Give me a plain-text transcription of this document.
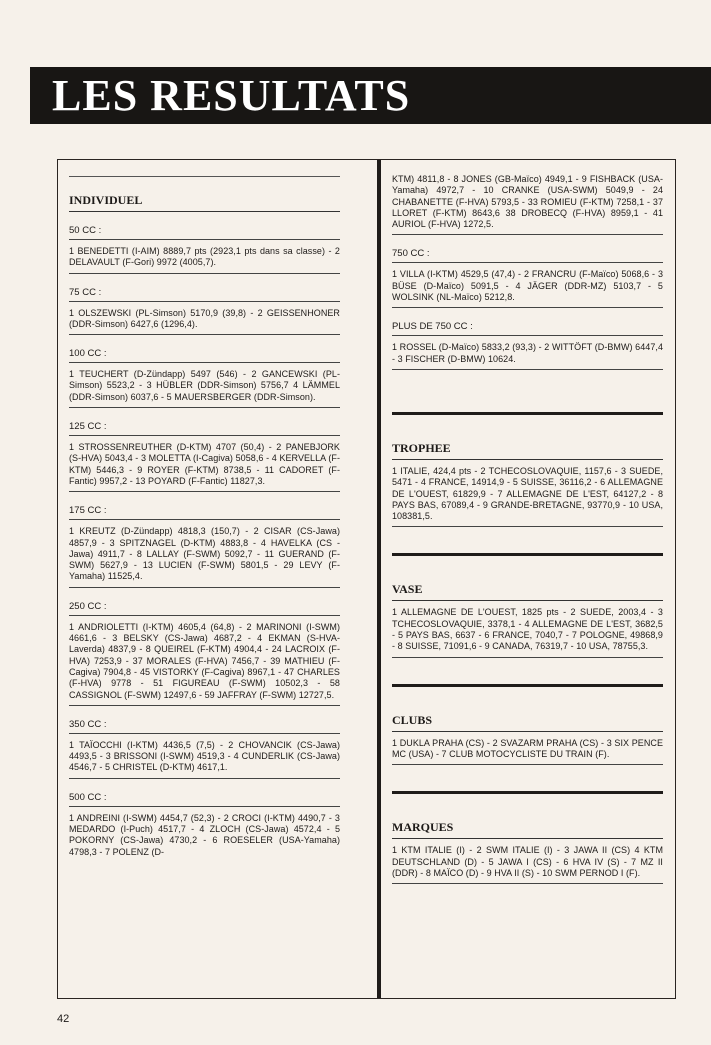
LES RESULTATS
INDIVIDUEL
50 CC :
1 BENEDETTI (I-AIM) 8889,7 pts (2923,1 pts dans sa classe) - 2 DELAVAULT (F-Gori) 9972 (4005,7).
75 CC :
1 OLSZEWSKI (PL-Simson) 5170,9 (39,8) - 2 GEISSENHONER (DDR-Simson) 6427,6 (1296,4).
100 CC :
1 TEUCHERT (D-Zündapp) 5497 (546) - 2 GANCEWSKI (PL-Simson) 5523,2 - 3 HÜBLER (DDR-Simson) 5756,7 4 LÄMMEL (DDR-Simson) 6037,6 - 5 MAUERSBERGER (DDR-Simson).
125 CC :
1 STROSSENREUTHER (D-KTM) 4707 (50,4) - 2 PANEBJORK (S-HVA) 5043,4 - 3 MOLETTA (I-Cagiva) 5058,6 - 4 KERVELLA (F-KTM) 5446,3 - 9 ROYER (F-KTM) 8738,5 - 11 CADORET (F-Fantic) 9957,2 - 13 POYARD (F-Fantic) 11827,3.
175 CC :
1 KREUTZ (D-Zündapp) 4818,3 (150,7) - 2 CISAR (CS-Jawa) 4857,9 - 3 SPITZNAGEL (D-KTM) 4883,8 - 4 HAVELKA (CS - Jawa) 4911,7 - 8 LALLAY (F-SWM) 5092,7 - 11 GUERAND (F-SWM) 5627,9 - 13 LUCIEN (F-SWM) 5801,5 - 29 LEVY (F-Yamaha) 11525,4.
250 CC :
1 ANDRIOLETTI (I-KTM) 4605,4 (64,8) - 2 MARINONI (I-SWM) 4661,6 - 3 BELSKY (CS-Jawa) 4687,2 - 4 EKMAN (S-HVA-Laverda) 4837,9 - 8 QUEIREL (F-KTM) 4904,4 - 24 LACROIX (F-HVA) 7253,9 - 37 MORALES (F-HVA) 7456,7 - 39 MATHIEU (F-Cagiva) 7904,8 - 45 VISTORKY (F-Cagiva) 8967,1 - 47 CHARLES (F-HVA) 9778 - 51 FIGUREAU (F-SWM) 10502,3 - 58 CASSIGNOL (F-SWM) 12497,6 - 59 JAFFRAY (F-SWM) 12727,5.
350 CC :
1 TAÏOCCHI (I-KTM) 4436,5 (7,5) - 2 CHOVANCIK (CS-Jawa) 4493,5 - 3 BRISSONI (I-SWM) 4519,3 - 4 CUNDERLIK (CS-Jawa) 4546,7 - 5 CHRISTEL (D-KTM) 4617,1.
500 CC :
1 ANDREINI (I-SWM) 4454,7 (52,3) - 2 CROCI (I-KTM) 4490,7 - 3 MEDARDO (I-Puch) 4517,7 - 4 ZLOCH (CS-Jawa) 4572,4 - 5 POKORNY (CS-Jawa) 4730,2 - 6 ROESELER (USA-Yamaha) 4798,3 - 7 POLENZ (D-
KTM) 4811,8 - 8 JONES (GB-Maïco) 4949,1 - 9 FISHBACK (USA-Yamaha) 4972,7 - 10 CRANKE (USA-SWM) 5049,9 - 24 CHABANETTE (F-HVA) 5793,5 - 33 ROMIEU (F-KTM) 7258,1 - 37 LLORET (F-KTM) 8643,6 38 DROBECQ (F-HVA) 8959,1 - 41 AURIOL (F-HVA) 1272,5.
750 CC :
1 VILLA (I-KTM) 4529,5 (47,4) - 2 FRANCRU (F-Maïco) 5068,6 - 3 BÜSE (D-Maïco) 5091,5 - 4 JÄGER (DDR-MZ) 5103,7 - 5 WOLSINK (NL-Maïco) 5212,8.
PLUS DE 750 CC :
1 ROSSEL (D-Maïco) 5833,2 (93,3) - 2 WITTÖFT (D-BMW) 6447,4 - 3 FISCHER (D-BMW) 10624.
TROPHEE
1 ITALIE, 424,4 pts - 2 TCHECOSLOVAQUIE, 1157,6 - 3 SUEDE, 5471 - 4 FRANCE, 14914,9 - 5 SUISSE, 36116,2 - 6 ALLEMAGNE DE L'OUEST, 61829,9 - 7 ALLEMAGNE DE L'EST, 64127,2 - 8 PAYS BAS, 67089,4 - 9 GRANDE-BRETAGNE, 93770,9 - 10 USA, 108381,5.
VASE
1 ALLEMAGNE DE L'OUEST, 1825 pts - 2 SUEDE, 2003,4 - 3 TCHECOSLOVAQUIE, 3378,1 - 4 ALLEMAGNE DE L'EST, 3682,5 - 5 PAYS BAS, 6637 - 6 FRANCE, 7040,7 - 7 POLOGNE, 49868,9 - 8 SUISSE, 71091,6 - 9 CANADA, 76319,7 - 10 USA, 78755,3.
CLUBS
1 DUKLA PRAHA (CS) - 2 SVAZARM PRAHA (CS) - 3 SIX PENCE MC (USA) - 7 CLUB MOTOCYCLISTE DU TRAIN (F).
MARQUES
1 KTM ITALIE (I) - 2 SWM ITALIE (I) - 3 JAWA II (CS) 4 KTM DEUTSCHLAND (D) - 5 JAWA I (CS) - 6 HVA IV (S) - 7 MZ II (DDR) - 8 MAÏCO (D) - 9 HVA II (S) - 10 SWM PERNOD I (F).
42
